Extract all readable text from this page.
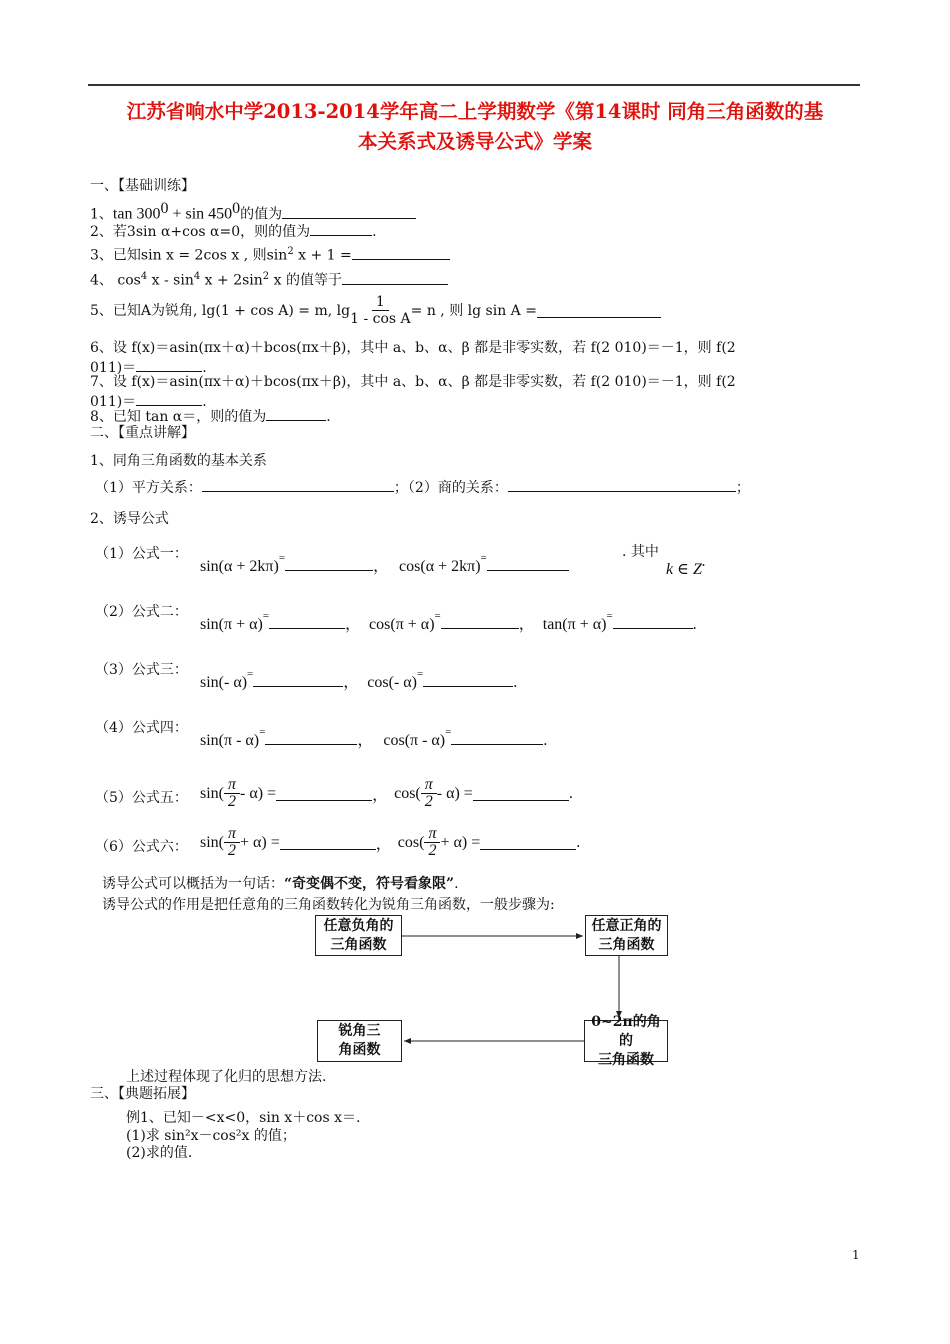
江苏省响水中学2013-2014学年高二上学期数学《第14课时 同角三角函数的基
本关系式及诱导公式》学案
一、【基础训练】
1、$\tan 300^0 + \sin 450^0$的值为
2、若3sin α+cos α=0，则的值为	.
3、已知sin x = 2cos x , 则$\sin^2 x + 1$ =
4、 $\cos^4 x - \sin^4 x + 2\sin^2$ x 的值等于
5、已知A为锐角, lg(1 + cos A) = m, $\lg \frac{1}{\text{1 - cos A}} = n$ , 则 lg sin A =
6、设 f(x)＝asin(πx＋α)＋bcos(πx＋β)，其中 a、b、α、β 都是非零实数，若 f(2 010)＝－1，则 f(2
011)＝	.
7、设 f(x)＝asin(πx＋α)＋bcos(πx＋β)，其中 a、b、α、β 都是非零实数，若 f(2 010)＝－1，则 f(2
011)＝	.
8、已知 tan α＝，则的值为	.
二、【重点讲解】
1、同角三角函数的基本关系
（1）平方关系：	；（2）商的关系：	；
2、诱导公式
（1）公式一：
sin(α + 2kπ)=	， cos(α + 2kπ)=	. 其中
k ∈ Z.
（2）公式二：
sin(π + α)=	， cos(π + α)=	， tan(π + α)=	.
（3）公式三：
sin(- α)=	， cos(- α)=	.
（4）公式四：
sin(π - α)=	， cos(π - α)=	.
（5）公式五： $\sin( \frac{\pi}{2} - \alpha)$ =	， $\cos( \frac{\pi}{2} - \alpha)$ =	.
（6）公式六： $\sin( \frac{\pi}{2} + \alpha)$ =	， $\cos( \frac{\pi}{2} + \alpha)$ =	.
诱导公式可以概括为一句话：“奇变偶不变，符号看象限”.
诱导公式的作用是把任意角的三角函数转化为锐角三角函数，一般步骤为:
任意负角的
三角函数
任意正角的
三角函数
0~2π的角的
三角函数
锐角三
角函数
上述过程体现了化归的思想方法.
三、【典题拓展】
例1、已知－<x<0，sin x＋cos x＝.
(1)求 sin²x－cos²x 的值；
(2)求的值.
1
